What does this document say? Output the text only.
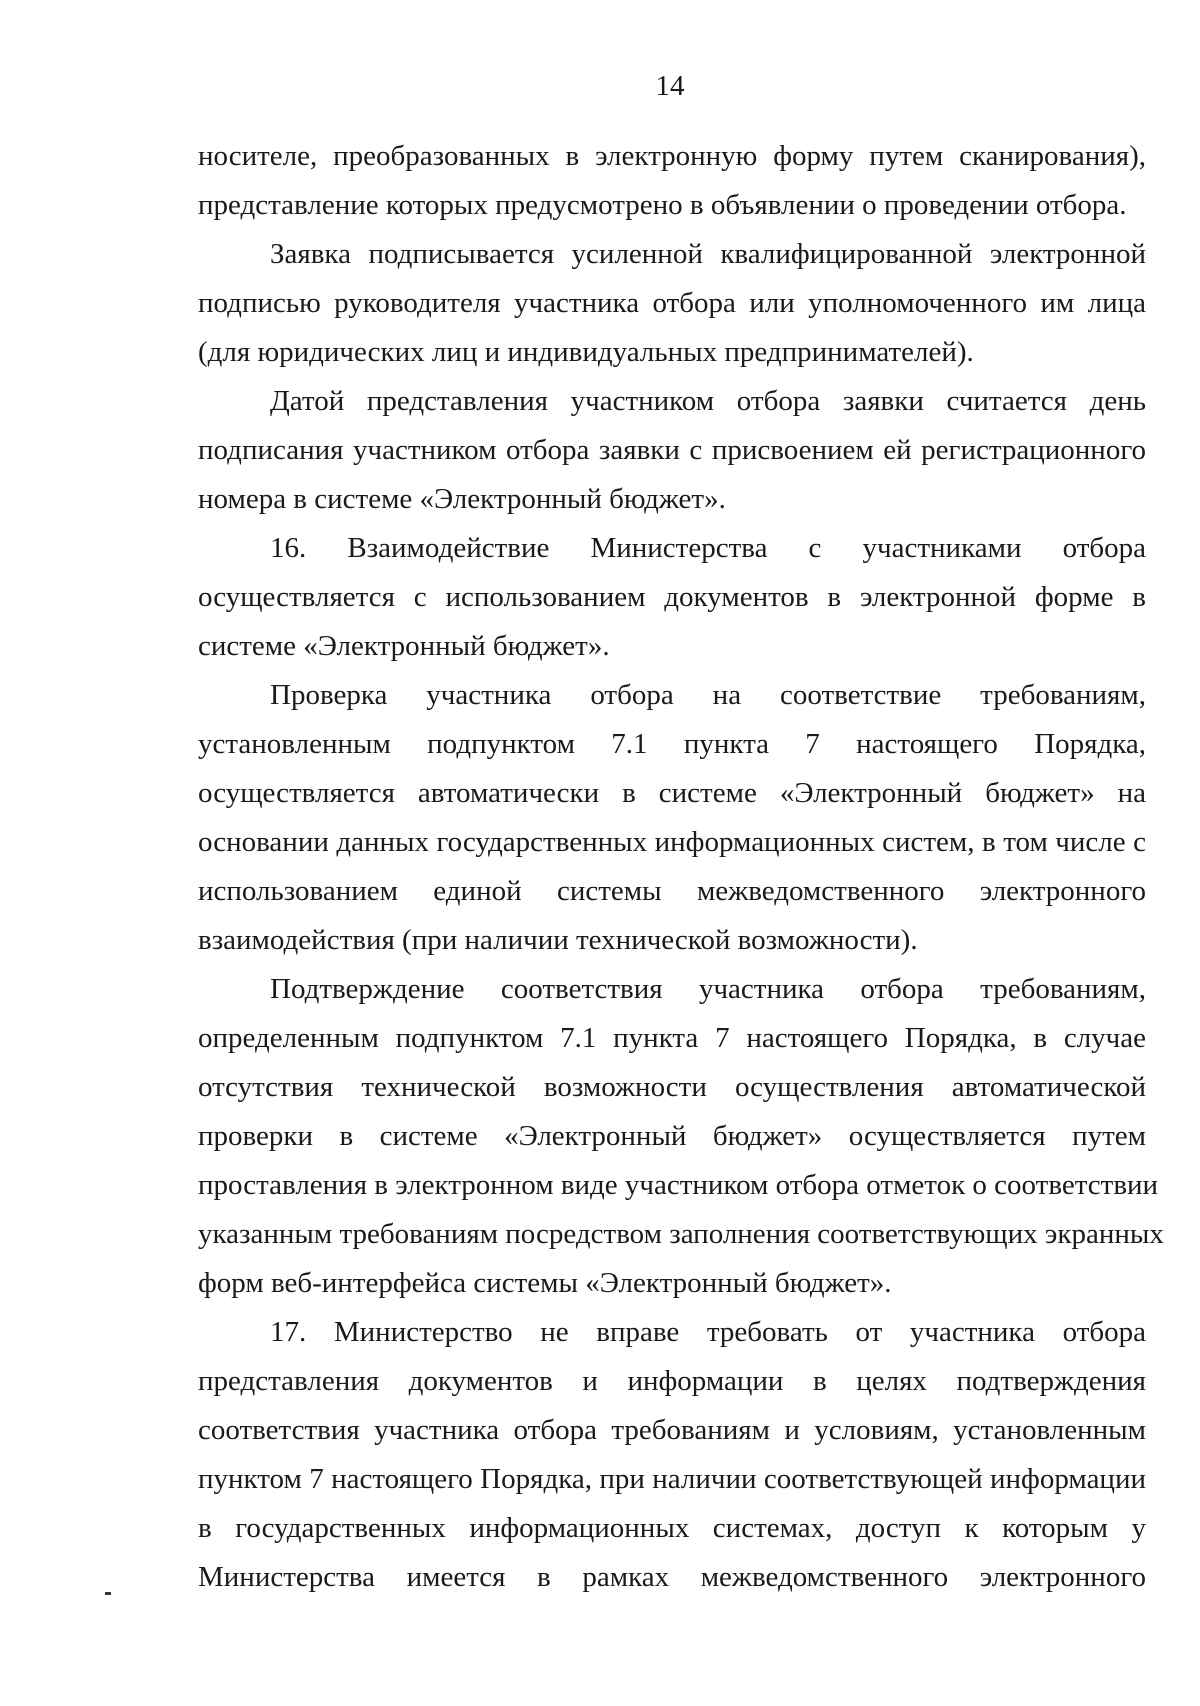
14
носителе, преобразованных в электронную форму путем сканирования),
представление которых предусмотрено в объявлении о проведении отбора.
Заявка подписывается усиленной квалифицированной электронной
подписью руководителя участника отбора или уполномоченного им лица
(для юридических лиц и индивидуальных предпринимателей).
Датой представления участником отбора заявки считается день
подписания участником отбора заявки с присвоением ей регистрационного
номера в системе «Электронный бюджет».
16. Взаимодействие Министерства с участниками отбора
осуществляется с использованием документов в электронной форме в
системе «Электронный бюджет».
Проверка участника отбора на соответствие требованиям,
установленным подпунктом 7.1 пункта 7 настоящего Порядка,
осуществляется автоматически в системе «Электронный бюджет» на
основании данных государственных информационных систем, в том числе с
использованием единой системы межведомственного электронного
взаимодействия (при наличии технической возможности).
Подтверждение соответствия участника отбора требованиям,
определенным подпунктом 7.1 пункта 7 настоящего Порядка, в случае
отсутствия технической возможности осуществления автоматической
проверки в системе «Электронный бюджет» осуществляется путем
проставления в электронном виде участником отбора отметок о соответствии
указанным требованиям посредством заполнения соответствующих экранных
форм веб-интерфейса системы «Электронный бюджет».
17. Министерство не вправе требовать от участника отбора
представления документов и информации в целях подтверждения
соответствия участника отбора требованиям и условиям, установленным
пунктом 7 настоящего Порядка, при наличии соответствующей информации
в государственных информационных системах, доступ к которым у
Министерства имеется в рамках межведомственного электронного
